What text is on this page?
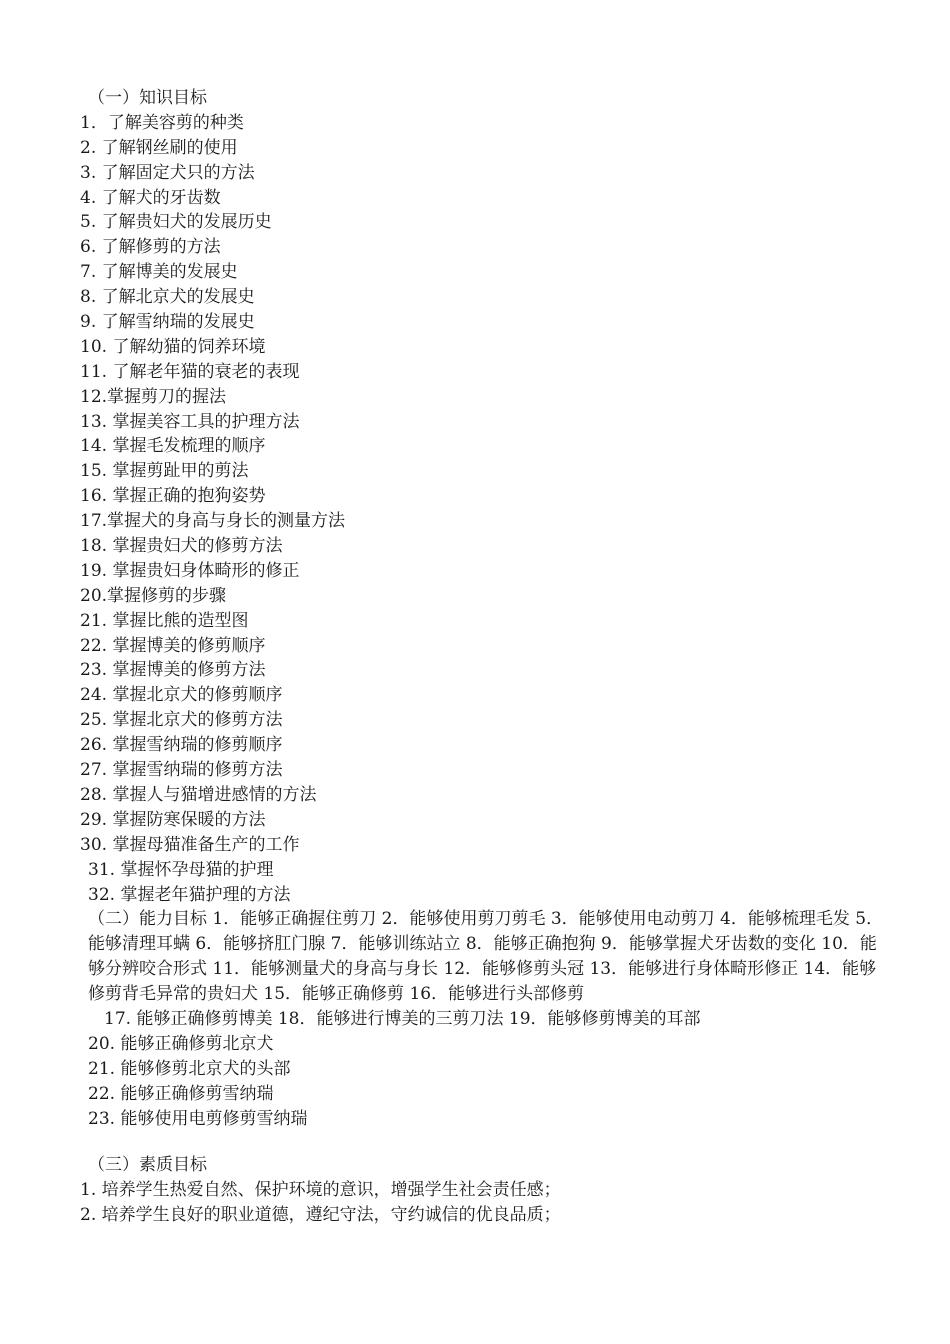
（一）知识目标
1．了解美容剪的种类
2. 了解钢丝刷的使用
3. 了解固定犬只的方法
4. 了解犬的牙齿数
5. 了解贵妇犬的发展历史
6. 了解修剪的方法
7. 了解博美的发展史
8. 了解北京犬的发展史
9. 了解雪纳瑞的发展史
10. 了解幼猫的饲养环境
11. 了解老年猫的衰老的表现
12.掌握剪刀的握法
13. 掌握美容工具的护理方法
14. 掌握毛发梳理的顺序
15. 掌握剪趾甲的剪法
16. 掌握正确的抱狗姿势
17.掌握犬的身高与身长的测量方法
18. 掌握贵妇犬的修剪方法
19. 掌握贵妇身体畸形的修正
20.掌握修剪的步骤
21. 掌握比熊的造型图
22. 掌握博美的修剪顺序
23. 掌握博美的修剪方法
24. 掌握北京犬的修剪顺序
25. 掌握北京犬的修剪方法
26. 掌握雪纳瑞的修剪顺序
27. 掌握雪纳瑞的修剪方法
28. 掌握人与猫增进感情的方法
29. 掌握防寒保暖的方法
30. 掌握母猫准备生产的工作
31. 掌握怀孕母猫的护理
32. 掌握老年猫护理的方法
（二）能力目标 1．能够正确握住剪刀 2．能够使用剪刀剪毛 3．能够使用电动剪刀 4．能够梳理毛发 5．能够清理耳螨 6．能够挤肛门腺 7．能够训练站立 8．能够正确抱狗 9．能够掌握犬牙齿数的变化 10．能够分辨咬合形式 11．能够测量犬的身高与身长 12．能够修剪头冠 13．能够进行身体畸形修正 14．能够修剪背毛异常的贵妇犬 15．能够正确修剪 16．能够进行头部修剪
17. 能够正确修剪博美 18．能够进行博美的三剪刀法 19．能够修剪博美的耳部
20. 能够正确修剪北京犬
21. 能够修剪北京犬的头部
22. 能够正确修剪雪纳瑞
23. 能够使用电剪修剪雪纳瑞
（三）素质目标
1. 培养学生热爱自然、保护环境的意识，增强学生社会责任感；
2. 培养学生良好的职业道德，遵纪守法，守约诚信的优良品质；
